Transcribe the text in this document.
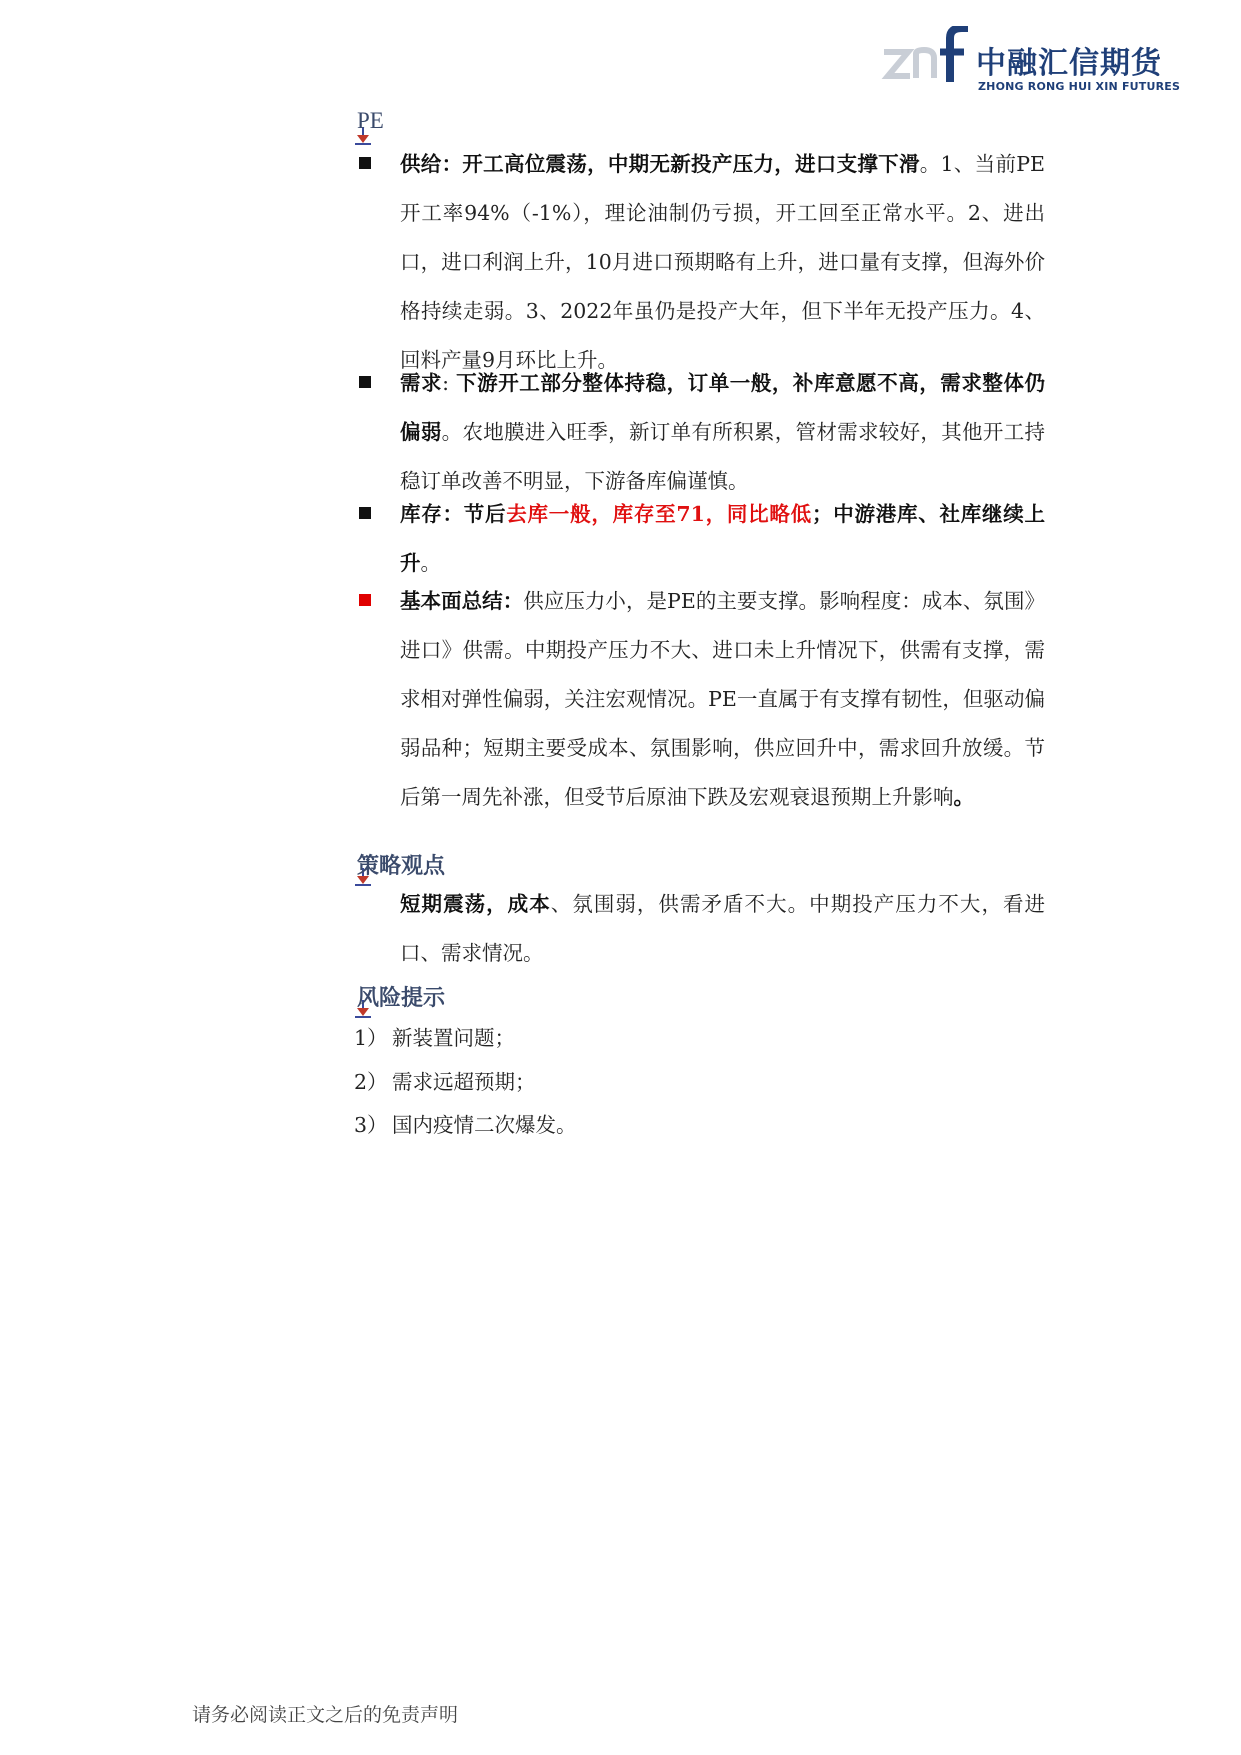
中融汇信期货
ZHONG RONG HUI XIN FUTURES
PE
供给：开工高位震荡，中期无新投产压力，进口支撑下滑。1、当前PE开工率94%（-1%），理论油制仍亏损，开工回至正常水平。2、进出口，进口利润上升，10月进口预期略有上升，进口量有支撑，但海外价格持续走弱。3、2022年虽仍是投产大年，但下半年无投产压力。4、回料产量9月环比上升。
需求: 下游开工部分整体持稳，订单一般，补库意愿不高，需求整体仍偏弱。农地膜进入旺季，新订单有所积累，管材需求较好，其他开工持稳订单改善不明显，下游备库偏谨慎。
库存：节后去库一般，库存至71，同比略低；中游港库、社库继续上升。
基本面总结：供应压力小，是PE的主要支撑。影响程度：成本、氛围》进口》供需。中期投产压力不大、进口未上升情况下，供需有支撑，需求相对弹性偏弱，关注宏观情况。PE一直属于有支撑有韧性，但驱动偏弱品种；短期主要受成本、氛围影响，供应回升中，需求回升放缓。节后第一周先补涨，但受节后原油下跌及宏观衰退预期上升影响。
策略观点
短期震荡，成本、氛围弱，供需矛盾不大。中期投产压力不大，看进口、需求情况。
风险提示
1） 新装置问题；
2） 需求远超预期；
3） 国内疫情二次爆发。
请务必阅读正文之后的免责声明
